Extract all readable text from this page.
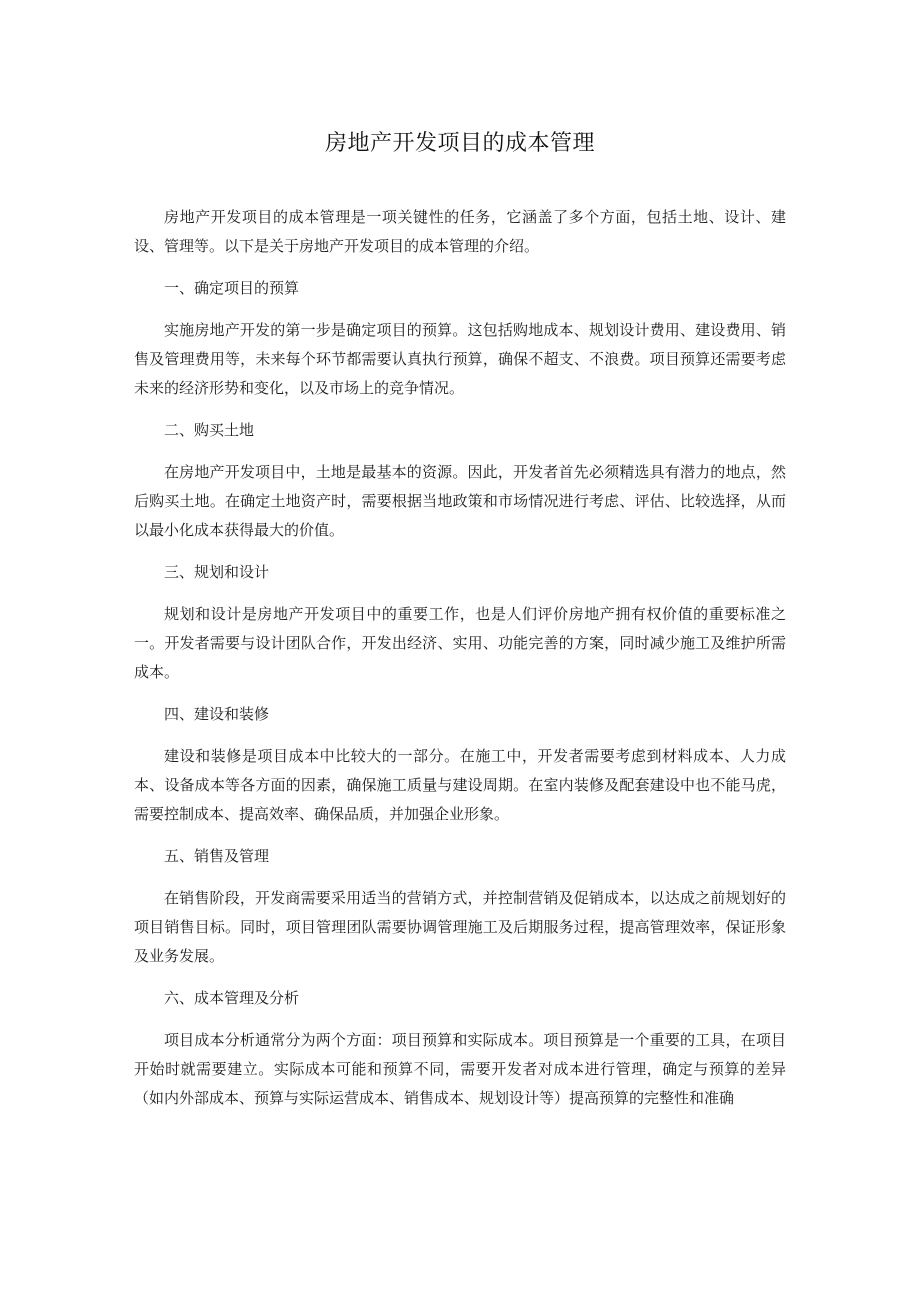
房地产开发项目的成本管理

房地产开发项目的成本管理是一项关键性的任务，它涵盖了多个方面，包括土地、设计、建设、管理等。以下是关于房地产开发项目的成本管理的介绍。

一、确定项目的预算

实施房地产开发的第一步是确定项目的预算。这包括购地成本、规划设计费用、建设费用、销售及管理费用等，未来每个环节都需要认真执行预算，确保不超支、不浪费。项目预算还需要考虑未来的经济形势和变化，以及市场上的竞争情况。

二、购买土地

在房地产开发项目中，土地是最基本的资源。因此，开发者首先必须精选具有潜力的地点，然后购买土地。在确定土地资产时，需要根据当地政策和市场情况进行考虑、评估、比较选择，从而以最小化成本获得最大的价值。

三、规划和设计

规划和设计是房地产开发项目中的重要工作，也是人们评价房地产拥有权价值的重要标准之一。开发者需要与设计团队合作，开发出经济、实用、功能完善的方案，同时减少施工及维护所需成本。

四、建设和装修

建设和装修是项目成本中比较大的一部分。在施工中，开发者需要考虑到材料成本、人力成本、设备成本等各方面的因素，确保施工质量与建设周期。在室内装修及配套建设中也不能马虎，需要控制成本、提高效率、确保品质，并加强企业形象。

五、销售及管理

在销售阶段，开发商需要采用适当的营销方式，并控制营销及促销成本，以达成之前规划好的项目销售目标。同时，项目管理团队需要协调管理施工及后期服务过程，提高管理效率，保证形象及业务发展。

六、成本管理及分析

项目成本分析通常分为两个方面：项目预算和实际成本。项目预算是一个重要的工具，在项目开始时就需要建立。实际成本可能和预算不同，需要开发者对成本进行管理，确定与预算的差异（如内外部成本、预算与实际运营成本、销售成本、规划设计等）提高预算的完整性和准确
